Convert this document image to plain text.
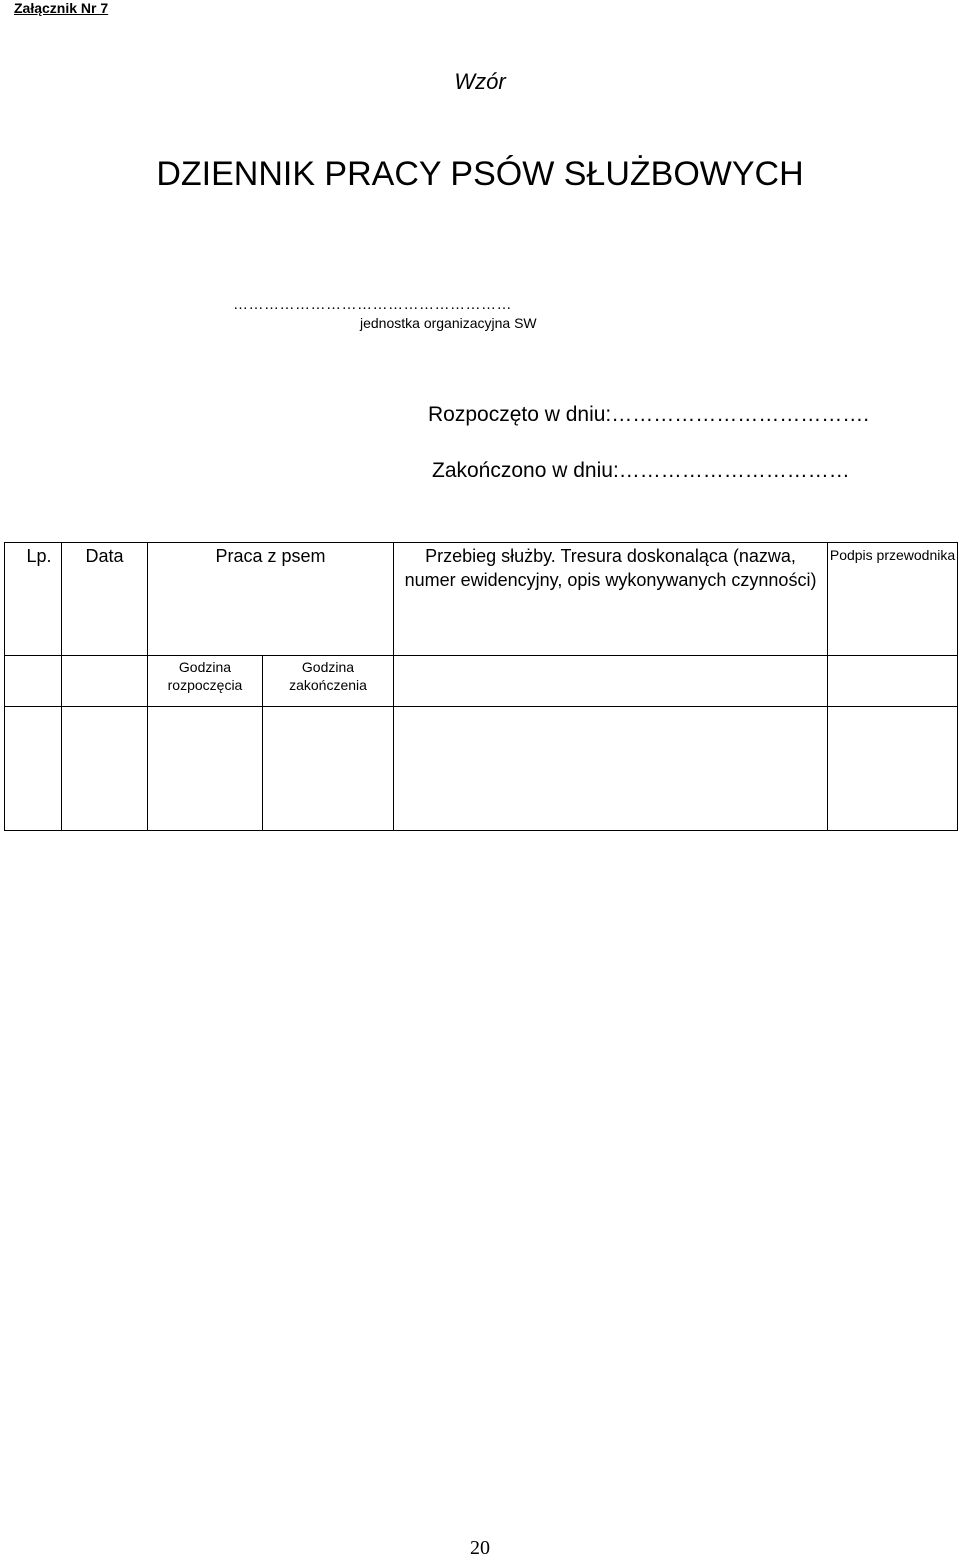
Załącznik Nr 7
Wzór
DZIENNIK PRACY PSÓW SŁUŻBOWYCH
………………………………………………
jednostka organizacyjna SW
Rozpoczęto w dniu:……………………………….
Zakończono w dniu:……………………………
Lp.	Data	Praca z psem		Przebieg służby. Tresura doskonaląca (nazwa, numer ewidencyjny, opis wykonywanych czynności)	Podpis przewodnika
		Godzina rozpoczęcia	Godzina zakończenia		

20
